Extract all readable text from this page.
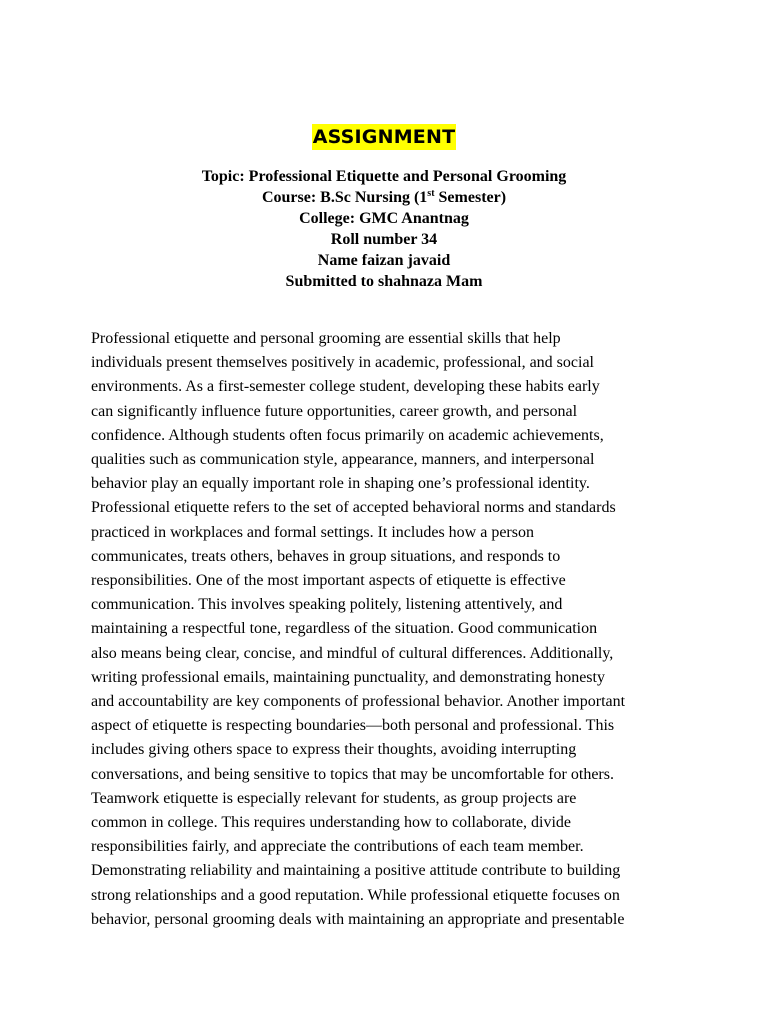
ASSIGNMENT
Topic: Professional Etiquette and Personal Grooming
Course: B.Sc Nursing (1st Semester)
College: GMC Anantnag
Roll number 34
Name faizan javaid
Submitted to shahnaza Mam
Professional etiquette and personal grooming are essential skills that help
individuals present themselves positively in academic, professional, and social
environments. As a first-semester college student, developing these habits early
can significantly influence future opportunities, career growth, and personal
confidence. Although students often focus primarily on academic achievements,
qualities such as communication style, appearance, manners, and interpersonal
behavior play an equally important role in shaping one’s professional identity.
Professional etiquette refers to the set of accepted behavioral norms and standards
practiced in workplaces and formal settings. It includes how a person
communicates, treats others, behaves in group situations, and responds to
responsibilities. One of the most important aspects of etiquette is effective
communication. This involves speaking politely, listening attentively, and
maintaining a respectful tone, regardless of the situation. Good communication
also means being clear, concise, and mindful of cultural differences. Additionally,
writing professional emails, maintaining punctuality, and demonstrating honesty
and accountability are key components of professional behavior. Another important
aspect of etiquette is respecting boundaries—both personal and professional. This
includes giving others space to express their thoughts, avoiding interrupting
conversations, and being sensitive to topics that may be uncomfortable for others.
Teamwork etiquette is especially relevant for students, as group projects are
common in college. This requires understanding how to collaborate, divide
responsibilities fairly, and appreciate the contributions of each team member.
Demonstrating reliability and maintaining a positive attitude contribute to building
strong relationships and a good reputation. While professional etiquette focuses on
behavior, personal grooming deals with maintaining an appropriate and presentable
